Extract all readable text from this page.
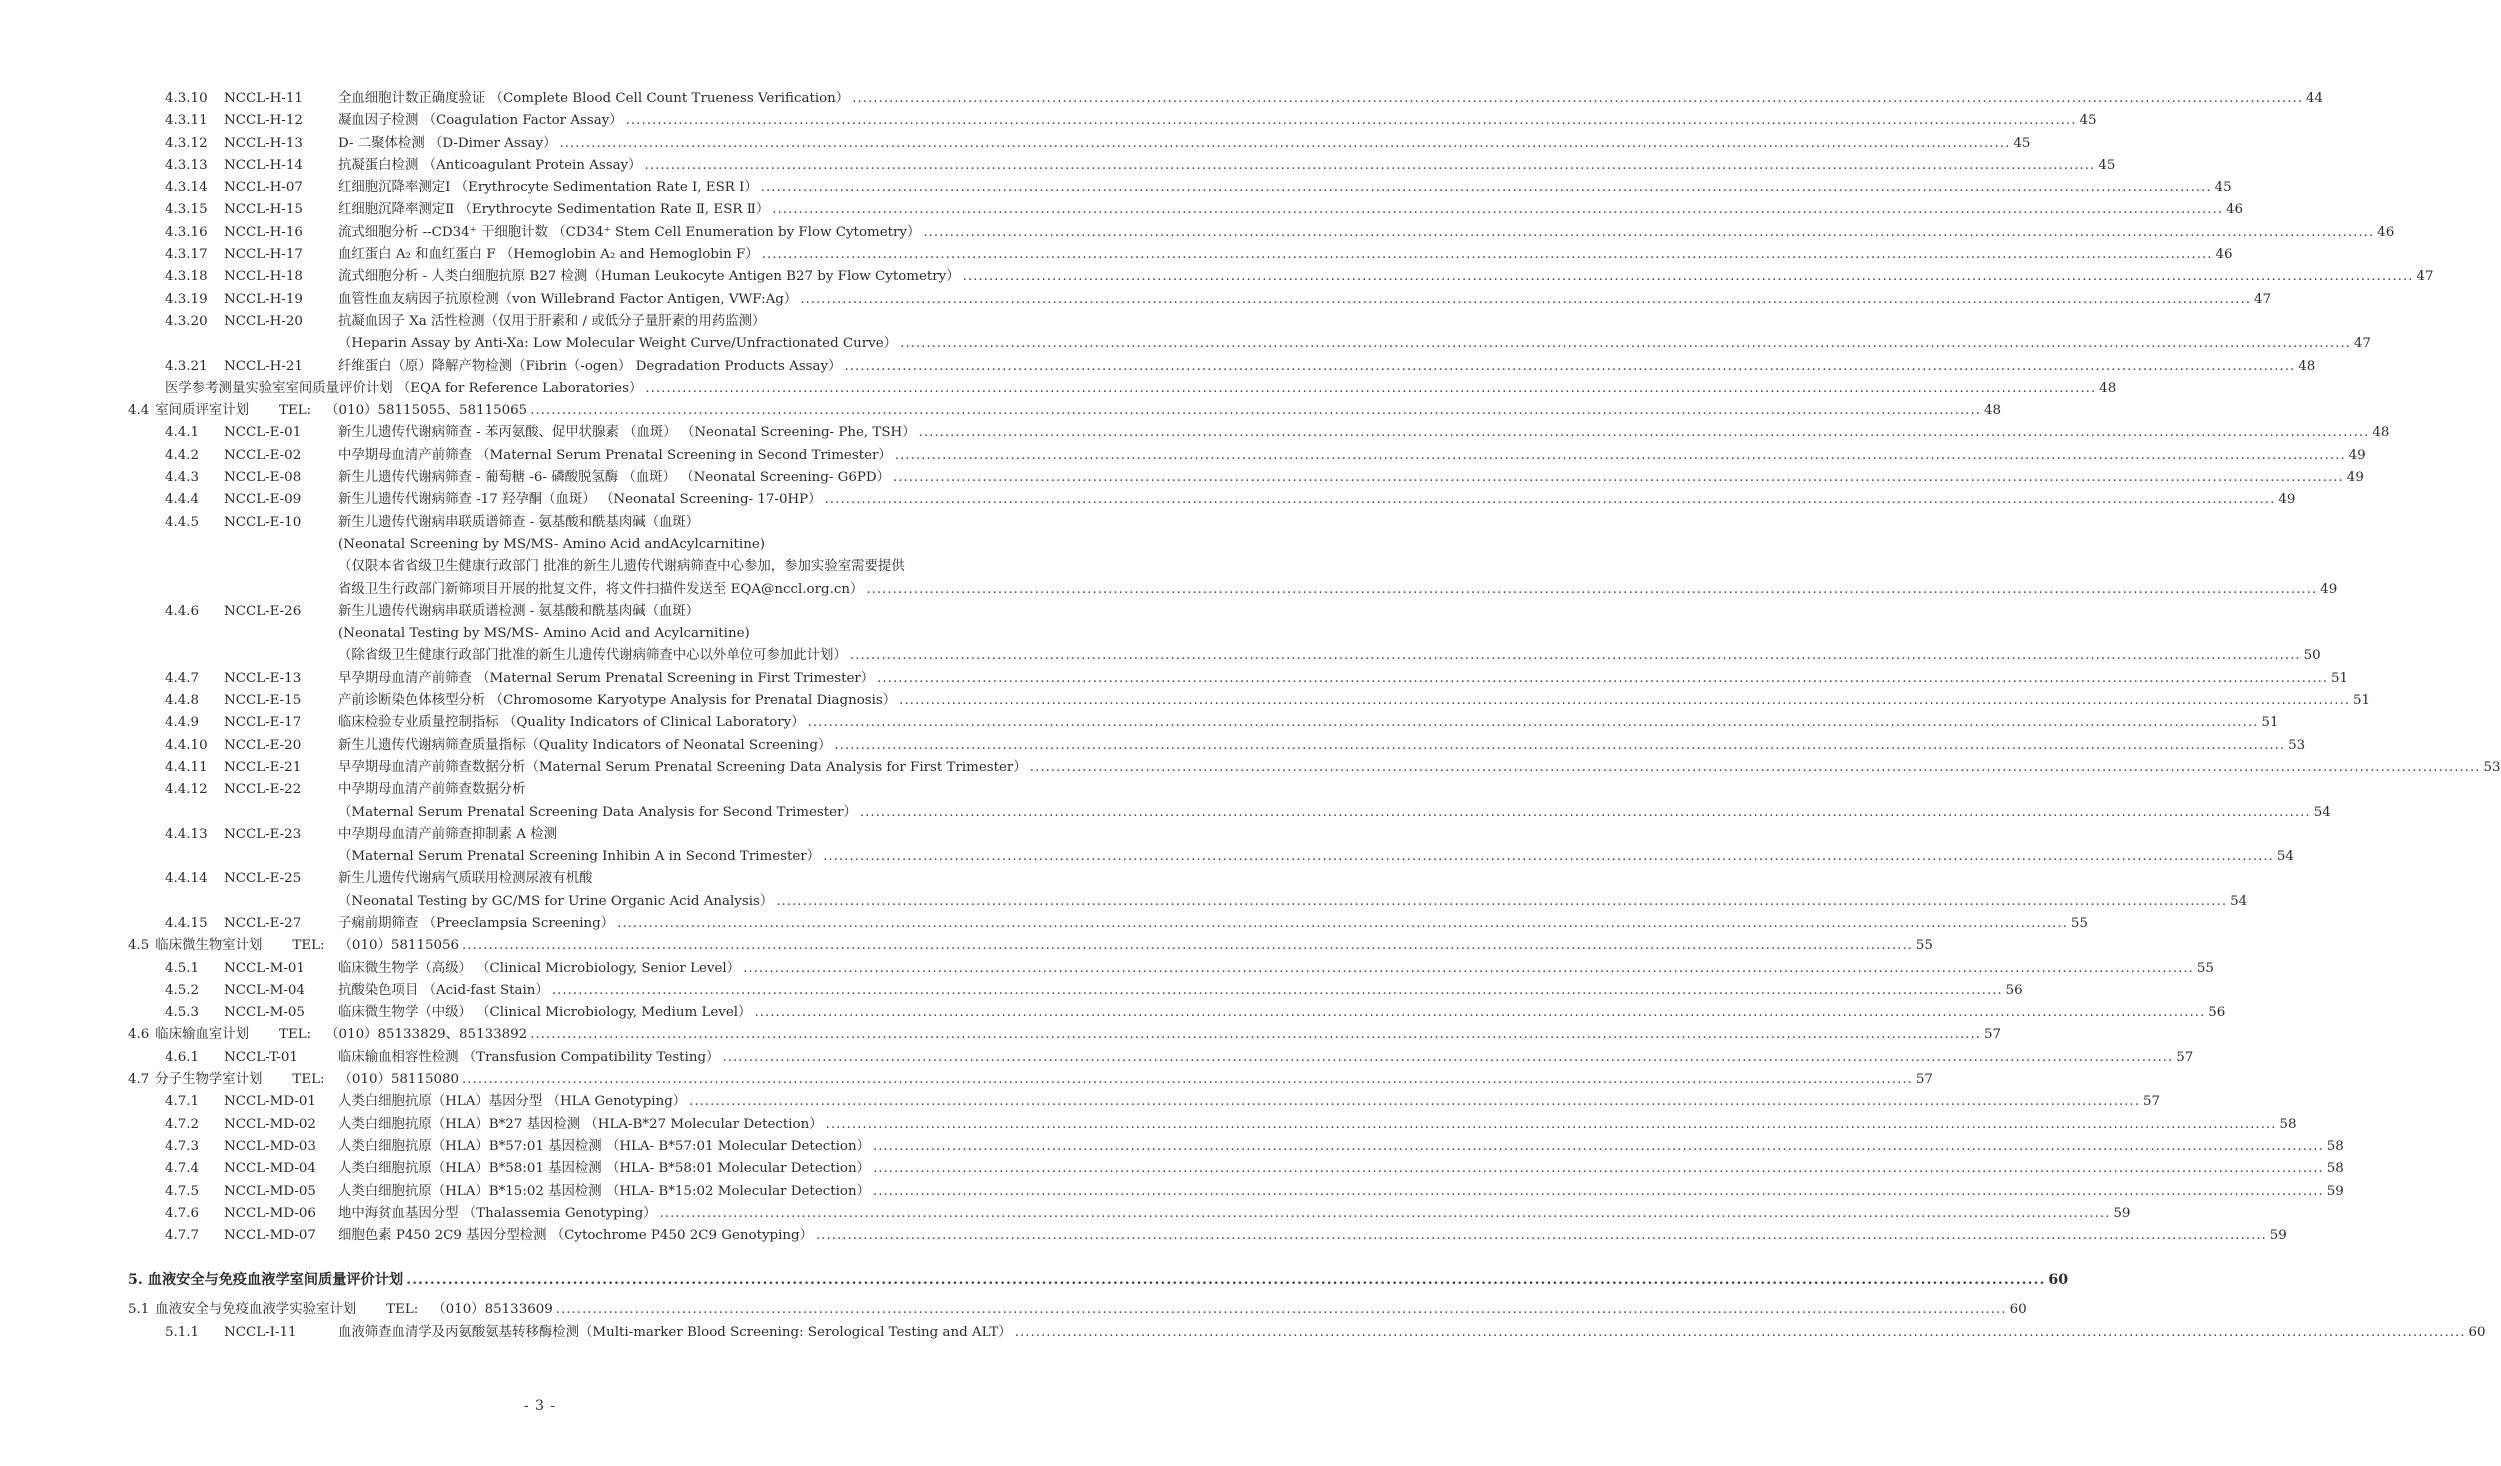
4.3.10 NCCL-H-11	全血细胞计数正确度验证 （Complete Blood Cell Count Trueness Verification） .....	44
4.3.11 NCCL-H-12	凝血因子检测 （Coagulation Factor Assay） .....	45
4.3.12 NCCL-H-13	D- 二聚体检测 （D-Dimer Assay） .....	45
4.3.13 NCCL-H-14	抗凝蛋白检测 （Anticoagulant Protein Assay） .....	45
4.3.14 NCCL-H-07	红细胞沉降率测定Ⅰ （Erythrocyte Sedimentation Rate Ⅰ, ESR Ⅰ） .....	45
4.3.15 NCCL-H-15	红细胞沉降率测定Ⅱ （Erythrocyte Sedimentation Rate Ⅱ, ESR Ⅱ） .....	46
4.3.16 NCCL-H-16	流式细胞分析 --CD34⁺ 干细胞计数 （CD34⁺ Stem Cell Enumeration by Flow Cytometry） .....	46
4.3.17 NCCL-H-17	血红蛋白 A₂ 和血红蛋白 F （Hemoglobin A₂ and Hemoglobin F） .....	46
4.3.18 NCCL-H-18	流式细胞分析 - 人类白细胞抗原 B27 检测（Human Leukocyte Antigen B27 by Flow Cytometry） .....	47
4.3.19 NCCL-H-19	血管性血友病因子抗原检测（von Willebrand Factor Antigen, VWF:Ag） .....	47
4.3.20 NCCL-H-20	抗凝血因子 Xa 活性检测（仅用于肝素和 / 或低分子量肝素的用药监测）
（Heparin Assay by Anti-Xa: Low Molecular Weight Curve/Unfractionated Curve） .....	47
4.3.21 NCCL-H-21	纤维蛋白（原）降解产物检测（Fibrin（-ogen） Degradation Products Assay） .....	48
医学参考测量实验室室间质量评价计划 （EQA for Reference Laboratories） .....	48
4.4 室间质评室计划 TEL: （010）58115055、58115065 .....	48
4.4.1 NCCL-E-01	新生儿遗传代谢病筛查 - 苯丙氨酸、促甲状腺素 （血斑） （Neonatal Screening- Phe, TSH） .....	48
4.4.2 NCCL-E-02	中孕期母血清产前筛查 （Maternal Serum Prenatal Screening in Second Trimester） .....	49
4.4.3 NCCL-E-08	新生儿遗传代谢病筛查 - 葡萄糖 -6- 磷酸脱氢酶 （血斑） （Neonatal Screening- G6PD） .....	49
4.4.4 NCCL-E-09	新生儿遗传代谢病筛查 -17 羟孕酮（血斑） （Neonatal Screening- 17-0HP） .....	49
4.4.5 NCCL-E-10	新生儿遗传代谢病串联质谱筛查 - 氨基酸和酰基肉碱（血斑）
(Neonatal Screening by MS/MS- Amino Acid andAcylcarnitine)
（仅限本省省级卫生健康行政部门 批准的新生儿遗传代谢病筛查中心参加，参加实验室需要提供
省级卫生行政部门新筛项目开展的批复文件，将文件扫描件发送至 EQA@nccl.org.cn） .....	49
4.4.6 NCCL-E-26	新生儿遗传代谢病串联质谱检测 - 氨基酸和酰基肉碱（血斑）
(Neonatal Testing by MS/MS- Amino Acid and Acylcarnitine)
（除省级卫生健康行政部门批准的新生儿遗传代谢病筛查中心以外单位可参加此计划） .....	50
4.4.7 NCCL-E-13	早孕期母血清产前筛查 （Maternal Serum Prenatal Screening in First Trimester） .....	51
4.4.8 NCCL-E-15	产前诊断染色体核型分析 （Chromosome Karyotype Analysis for Prenatal Diagnosis） .....	51
4.4.9 NCCL-E-17	临床检验专业质量控制指标 （Quality Indicators of Clinical Laboratory） .....	51
4.4.10 NCCL-E-20	新生儿遗传代谢病筛查质量指标（Quality Indicators of Neonatal Screening） .....	53
4.4.11 NCCL-E-21	早孕期母血清产前筛查数据分析（Maternal Serum Prenatal Screening Data Analysis for First Trimester） .....	53
4.4.12 NCCL-E-22	中孕期母血清产前筛查数据分析
（Maternal Serum Prenatal Screening Data Analysis for Second Trimester） .....	54
4.4.13 NCCL-E-23	中孕期母血清产前筛查抑制素 A 检测
（Maternal Serum Prenatal Screening Inhibin A in Second Trimester） .....	54
4.4.14 NCCL-E-25	新生儿遗传代谢病气质联用检测尿液有机酸
（Neonatal Testing by GC/MS for Urine Organic Acid Analysis） .....	54
4.4.15 NCCL-E-27	子痫前期筛查 （Preeclampsia Screening） .....	55
4.5 临床微生物室计划 TEL: （010）58115056 .....	55
4.5.1 NCCL-M-01 临床微生物学（高级） （Clinical Microbiology, Senior Level） .....	55
4.5.2 NCCL-M-04 抗酸染色项目 （Acid-fast Stain） .....	56
4.5.3 NCCL-M-05 临床微生物学（中级） （Clinical Microbiology, Medium Level） .....	56
4.6 临床输血室计划 TEL: （010）85133829、85133892 .....	57
4.6.1 NCCL-T-01	临床输血相容性检测 （Transfusion Compatibility Testing） .....	57
4.7 分子生物学室计划 TEL: （010）58115080 .....	57
4.7.1 NCCL-MD-01 人类白细胞抗原（HLA）基因分型 （HLA Genotyping） .....	57
4.7.2 NCCL-MD-02 人类白细胞抗原（HLA）B*27 基因检测 （HLA-B*27 Molecular Detection） .....	58
4.7.3 NCCL-MD-03 人类白细胞抗原（HLA）B*57:01 基因检测 （HLA- B*57:01 Molecular Detection） .....	58
4.7.4 NCCL-MD-04 人类白细胞抗原（HLA）B*58:01 基因检测 （HLA- B*58:01 Molecular Detection） .....	58
4.7.5 NCCL-MD-05 人类白细胞抗原（HLA）B*15:02 基因检测 （HLA- B*15:02 Molecular Detection） .....	59
4.7.6 NCCL-MD-06 地中海贫血基因分型 （Thalassemia Genotyping） .....	59
4.7.7 NCCL-MD-07 细胞色素 P450 2C9 基因分型检测 （Cytochrome P450 2C9 Genotyping） .....	59
5. 血液安全与免疫血液学室间质量评价计划 .....	60
5.1 血液安全与免疫血液学实验室计划 TEL: （010）85133609 .....	60
5.1.1 NCCL-I-11	血液筛查血清学及丙氨酸氨基转移酶检测（Multi-marker Blood Screening: Serological Testing and ALT） .....	60
- 3 -
